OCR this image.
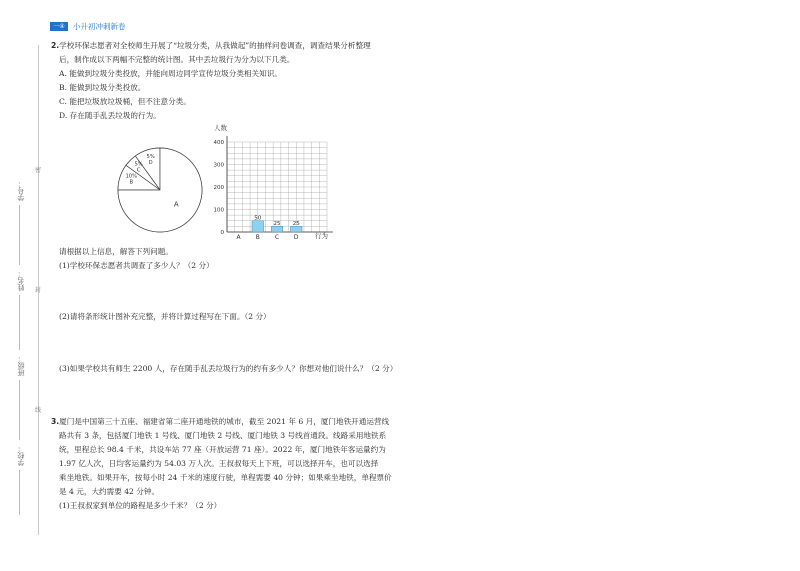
一④	小升初冲刺新卷
学号：
姓名：
班级：
学校：
密
封
线
2.学校环保志愿者对全校师生开展了“垃圾分类，从我做起”的抽样问卷调查，调查结果分析整理
后，制作成以下两幅不完整的统计图。其中丢垃圾行为分为以下几类。
A. 能做到垃圾分类投放，并能向周边同学宣传垃圾分类相关知识。
B. 能做到垃圾分类投放。
C. 能把垃圾放垃圾桶，但不注意分类。
D. 存在随手乱丢垃圾的行为。
5% D
5% C
10% B
A
50
25 25
0
100
200
300
400
A	B	C D
人数
行为
请根据以上信息，解答下列问题。
(1)学校环保志愿者共调查了多少人？（2 分）
(2)请将条形统计图补充完整，并将计算过程写在下面。（2 分）
(3)如果学校共有师生 2200 人，存在随手乱丢垃圾行为的约有多少人？你想对他们说什么？（2 分）
3.厦门是中国第三十五座、福建省第二座开通地铁的城市，截至 2021 年 6 月，厦门地铁开通运营线
路共有 3 条，包括厦门地铁 1 号线、厦门地铁 2 号线、厦门地铁 3 号线首通段。线路采用地铁系
统，里程总长 98.4 千米，共设车站 77 座（开放运营 71 座）。2022 年，厦门地铁年客运量约为
1.97 亿人次，日均客运量约为 54.03 万人次。王叔叔每天上下班，可以选择开车，也可以选择
乘坐地铁。如果开车，按每小时 24 千米的速度行驶，单程需要 40 分钟；如果乘坐地铁，单程票价
是 4 元，大约需要 42 分钟。
(1)王叔叔家到单位的路程是多少千米？（2 分）
